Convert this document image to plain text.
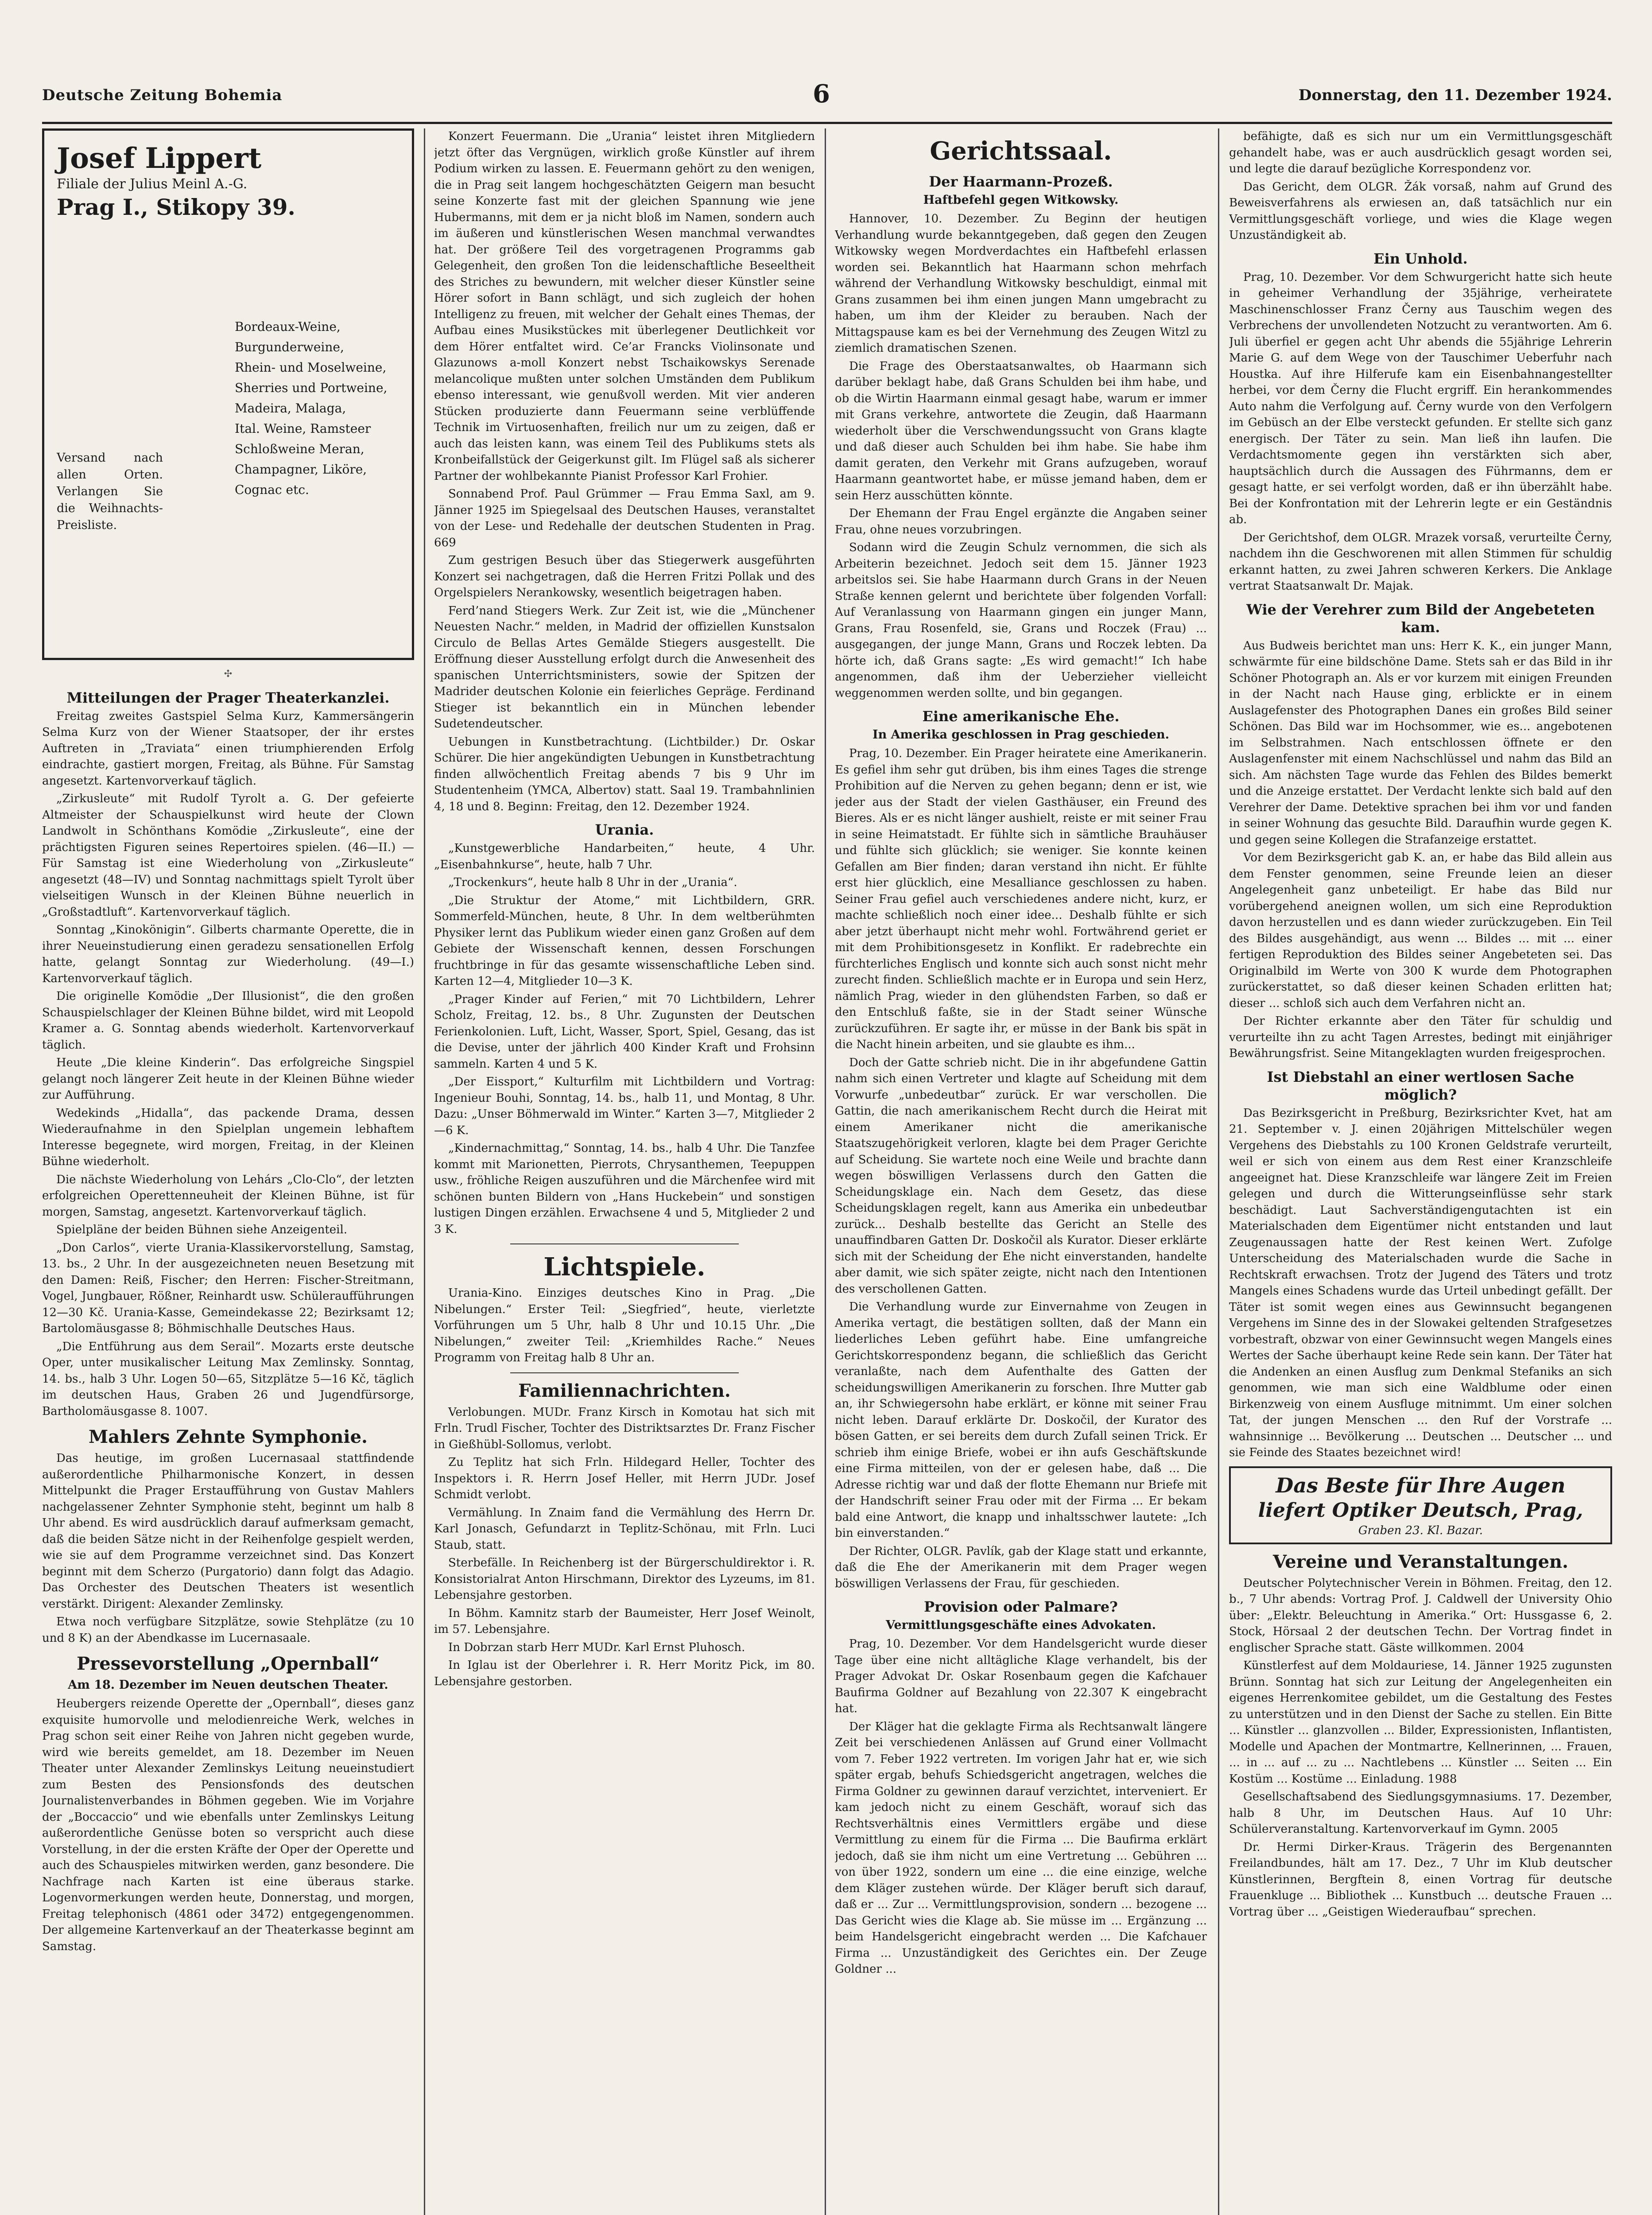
Deutsche Zeitung Bohemia	6	Donnerstag, den 11. Dezember 1924.
Josef Lippert
Filiale der Julius Meinl A.-G.
Prag I., Stikopy 39.
Bordeaux-Weine,
Burgunderweine,
Rhein- und Moselweine,
Sherries und Portweine,
Madeira, Malaga,
Ital. Weine, Ramsteer
Schloßweine Meran,
Champagner, Liköre,
Cognac etc.
Versand nach allen Orten. Verlangen Sie die Weihnachts-Preisliste.
✣
Mitteilungen der Prager Theaterkanzlei.

Freitag zweites Gastspiel Selma Kurz, Kammersängerin Selma Kurz von der Wiener Staatsoper, der ihr erstes Auftreten in „Traviata“ einen triumphierenden Erfolg eindrachte, gastiert morgen, Freitag, als Bühne. Für Samstag angesetzt. Kartenvorverkauf täglich.

„Zirkusleute“ mit Rudolf Tyrolt a. G. Der gefeierte Altmeister der Schauspielkunst wird heute der Clown Landwolt in Schönthans Komödie „Zirkusleute“, eine der prächtigsten Figuren seines Repertoires spielen. (46—II.) — Für Samstag ist eine Wiederholung von „Zirkusleute“ angesetzt (48—IV) und Sonntag nachmittags spielt Tyrolt über vielseitigen Wunsch in der Kleinen Bühne neuerlich in „Großstadtluft“. Kartenvorverkauf täglich.

Sonntag „Kinokönigin“. Gilberts charmante Operette, die in ihrer Neueinstudierung einen geradezu sensationellen Erfolg hatte, gelangt Sonntag zur Wiederholung. (49—I.) Kartenvorverkauf täglich.

Die originelle Komödie „Der Illusionist“, die den großen Schauspielschlager der Kleinen Bühne bildet, wird mit Leopold Kramer a. G. Sonntag abends wiederholt. Kartenvorverkauf täglich.

Heute „Die kleine Kinderin“. Das erfolgreiche Singspiel gelangt noch längerer Zeit heute in der Kleinen Bühne wieder zur Aufführung.

Wedekinds „Hidalla“, das packende Drama, dessen Wiederaufnahme in den Spielplan ungemein lebhaftem Interesse begegnete, wird morgen, Freitag, in der Kleinen Bühne wiederholt.

Die nächste Wiederholung von Lehárs „Clo-Clo“, der letzten erfolgreichen Operettenneuheit der Kleinen Bühne, ist für morgen, Samstag, angesetzt. Kartenvorverkauf täglich.

Spielpläne der beiden Bühnen siehe Anzeigenteil.

„Don Carlos“, vierte Urania-Klassikervorstellung, Samstag, 13. bs., 2 Uhr. In der ausgezeichneten neuen Besetzung mit den Damen: Reiß, Fischer; den Herren: Fischer-Streitmann, Vogel, Jungbauer, Rößner, Reinhardt usw. Schüleraufführungen 12—30 Kč. Urania-Kasse, Gemeindekasse 22; Bezirksamt 12; Bartolomäusgasse 8; Böhmischhalle Deutsches Haus.

„Die Entführung aus dem Serail“. Mozarts erste deutsche Oper, unter musikalischer Leitung Max Zemlinsky. Sonntag, 14. bs., halb 3 Uhr. Logen 50—65, Sitzplätze 5—16 Kč, täglich im deutschen Haus, Graben 26 und Jugendfürsorge, Bartholomäusgasse 8. 1007.

Mahlers Zehnte Symphonie.

Das heutige, im großen Lucernasaal stattfindende außerordentliche Philharmonische Konzert, in dessen Mittelpunkt die Prager Erstaufführung von Gustav Mahlers nachgelassener Zehnter Symphonie steht, beginnt um halb 8 Uhr abend. Es wird ausdrücklich darauf aufmerksam gemacht, daß die beiden Sätze nicht in der Reihenfolge gespielt werden, wie sie auf dem Programme verzeichnet sind. Das Konzert beginnt mit dem Scherzo (Purgatorio) dann folgt das Adagio. Das Orchester des Deutschen Theaters ist wesentlich verstärkt. Dirigent: Alexander Zemlinsky.

Etwa noch verfügbare Sitzplätze, sowie Stehplätze (zu 10 und 8 K) an der Abendkasse im Lucernasaale.

Pressevorstellung „Opernball“
Am 18. Dezember im Neuen deutschen Theater.

Heubergers reizende Operette der „Opernball“, dieses ganz exquisite humorvolle und melodienreiche Werk, welches in Prag schon seit einer Reihe von Jahren nicht gegeben wurde, wird wie bereits gemeldet, am 18. Dezember im Neuen Theater unter Alexander Zemlinskys Leitung neueinstudiert zum Besten des Pensionsfonds des deutschen Journalistenverbandes in Böhmen gegeben. Wie im Vorjahre der „Boccaccio“ und wie ebenfalls unter Zemlinskys Leitung außerordentliche Genüsse boten so verspricht auch diese Vorstellung, in der die ersten Kräfte der Oper der Operette und auch des Schauspieles mitwirken werden, ganz besondere. Die Nachfrage nach Karten ist eine überaus starke. Logenvormerkungen werden heute, Donnerstag, und morgen, Freitag telephonisch (4861 oder 3472) entgegengenommen. Der allgemeine Kartenverkauf an der Theaterkasse beginnt am Samstag.

Konzert Feuermann. Die „Urania“ leistet ihren Mitgliedern jetzt öfter das Vergnügen, wirklich große Künstler auf ihrem Podium wirken zu lassen. E. Feuermann gehört zu den wenigen, die in Prag seit langem hochgeschätzten Geigern man besucht seine Konzerte fast mit der gleichen Spannung wie jene Hubermanns, mit dem er ja nicht bloß im Namen, sondern auch im äußeren und künstlerischen Wesen manchmal verwandtes hat. Der größere Teil des vorgetragenen Programms gab Gelegenheit, den großen Ton die leidenschaftliche Beseeltheit des Striches zu bewundern, mit welcher dieser Künstler seine Hörer sofort in Bann schlägt, und sich zugleich der hohen Intelligenz zu freuen, mit welcher der Gehalt eines Themas, der Aufbau eines Musikstückes mit überlegener Deutlichkeit vor dem Hörer entfaltet wird. Ce’ar Francks Violinsonate und Glazunows a-moll Konzert nebst Tschaikowskys Serenade melancolique mußten unter solchen Umständen dem Publikum ebenso interessant, wie genußvoll werden. Mit vier anderen Stücken produzierte dann Feuermann seine verblüffende Technik im Virtuosenhaften, freilich nur um zu zeigen, daß er auch das leisten kann, was einem Teil des Publikums stets als Kronbeifallstück der Geigerkunst gilt. Im Flügel saß als sicherer Partner der wohlbekannte Pianist Professor Karl Frohier.

Sonnabend Prof. Paul Grümmer — Frau Emma Saxl, am 9. Jänner 1925 im Spiegelsaal des Deutschen Hauses, veranstaltet von der Lese- und Redehalle der deutschen Studenten in Prag. 669

Zum gestrigen Besuch über das Stiegerwerk ausgeführten Konzert sei nachgetragen, daß die Herren Fritzi Pollak und des Orgelspielers Nerankowsky, wesentlich beigetragen haben.

Ferd’nand Stiegers Werk. Zur Zeit ist, wie die „Münchener Neuesten Nachr.“ melden, in Madrid der offiziellen Kunstsalon Circulo de Bellas Artes Gemälde Stiegers ausgestellt. Die Eröffnung dieser Ausstellung erfolgt durch die Anwesenheit des spanischen Unterrichtsministers, sowie der Spitzen der Madrider deutschen Kolonie ein feierliches Gepräge. Ferdinand Stieger ist bekanntlich ein in München lebender Sudetendeutscher.

Uebungen in Kunstbetrachtung. (Lichtbilder.) Dr. Oskar Schürer. Die hier angekündigten Uebungen in Kunstbetrachtung finden allwöchentlich Freitag abends 7 bis 9 Uhr im Studentenheim (YMCA, Albertov) statt. Saal 19. Trambahnlinien 4, 18 und 8. Beginn: Freitag, den 12. Dezember 1924.

Urania.

„Kunstgewerbliche Handarbeiten,“ heute, 4 Uhr. „Eisenbahnkurse“, heute, halb 7 Uhr.

„Trockenkurs“, heute halb 8 Uhr in der „Urania“.

„Die Struktur der Atome,“ mit Lichtbildern, GRR. Sommerfeld-München, heute, 8 Uhr. In dem weltberühmten Physiker lernt das Publikum wieder einen ganz Großen auf dem Gebiete der Wissenschaft kennen, dessen Forschungen fruchtbringe in für das gesamte wissenschaftliche Leben sind. Karten 12—4, Mitglieder 10—3 K.

„Prager Kinder auf Ferien,“ mit 70 Lichtbildern, Lehrer Scholz, Freitag, 12. bs., 8 Uhr. Zugunsten der Deutschen Ferienkolonien. Luft, Licht, Wasser, Sport, Spiel, Gesang, das ist die Devise, unter der jährlich 400 Kinder Kraft und Frohsinn sammeln. Karten 4 und 5 K.

„Der Eissport,“ Kulturfilm mit Lichtbildern und Vortrag: Ingenieur Bouhi, Sonntag, 14. bs., halb 11, und Montag, 8 Uhr. Dazu: „Unser Böhmerwald im Winter.“ Karten 3—7, Mitglieder 2—6 K.

„Kindernachmittag,“ Sonntag, 14. bs., halb 4 Uhr. Die Tanzfee kommt mit Marionetten, Pierrots, Chrysanthemen, Teepuppen usw., fröhliche Reigen auszuführen und die Märchenfee wird mit schönen bunten Bildern von „Hans Huckebein“ und sonstigen lustigen Dingen erzählen. Erwachsene 4 und 5, Mitglieder 2 und 3 K.

Lichtspiele.

Urania-Kino. Einziges deutsches Kino in Prag. „Die Nibelungen.“ Erster Teil: „Siegfried“, heute, vierletzte Vorführungen um 5 Uhr, halb 8 Uhr und 10.15 Uhr. „Die Nibelungen,“ zweiter Teil: „Kriemhildes Rache.“ Neues Programm von Freitag halb 8 Uhr an.

Familiennachrichten.

Verlobungen. MUDr. Franz Kirsch in Komotau hat sich mit Frln. Trudl Fischer, Tochter des Distriktsarztes Dr. Franz Fischer in Gießhübl-Sollomus, verlobt.

Zu Teplitz hat sich Frln. Hildegard Heller, Tochter des Inspektors i. R. Herrn Josef Heller, mit Herrn JUDr. Josef Schmidt verlobt.

Vermählung. In Znaim fand die Vermählung des Herrn Dr. Karl Jonasch, Gefundarzt in Teplitz-Schönau, mit Frln. Luci Staub, statt.

Sterbefälle. In Reichenberg ist der Bürgerschuldirektor i. R. Konsistorialrat Anton Hirschmann, Direktor des Lyzeums, im 81. Lebensjahre gestorben.

In Böhm. Kamnitz starb der Baumeister, Herr Josef Weinolt, im 57. Lebensjahre.

In Dobrzan starb Herr MUDr. Karl Ernst Pluhosch.

In Iglau ist der Oberlehrer i. R. Herr Moritz Pick, im 80. Lebensjahre gestorben.

Gerichtssaal.
Der Haarmann-Prozeß.
Haftbefehl gegen Witkowsky.

Hannover, 10. Dezember. Zu Beginn der heutigen Verhandlung wurde bekanntgegeben, daß gegen den Zeugen Witkowsky wegen Mordverdachtes ein Haftbefehl erlassen worden sei. Bekanntlich hat Haarmann schon mehrfach während der Verhandlung Witkowsky beschuldigt, einmal mit Grans zusammen bei ihm einen jungen Mann umgebracht zu haben, um ihm der Kleider zu berauben. Nach der Mittagspause kam es bei der Vernehmung des Zeugen Witzl zu ziemlich dramatischen Szenen.

Die Frage des Oberstaatsanwaltes, ob Haarmann sich darüber beklagt habe, daß Grans Schulden bei ihm habe, und ob die Wirtin Haarmann einmal gesagt habe, warum er immer mit Grans verkehre, antwortete die Zeugin, daß Haarmann wiederholt über die Verschwendungssucht von Grans klagte und daß dieser auch Schulden bei ihm habe. Sie habe ihm damit geraten, den Verkehr mit Grans aufzugeben, worauf Haarmann geantwortet habe, er müsse jemand haben, dem er sein Herz ausschütten könnte.

Der Ehemann der Frau Engel ergänzte die Angaben seiner Frau, ohne neues vorzubringen.

Sodann wird die Zeugin Schulz vernommen, die sich als Arbeiterin bezeichnet. Jedoch seit dem 15. Jänner 1923 arbeitslos sei. Sie habe Haarmann durch Grans in der Neuen Straße kennen gelernt und berichtete über folgenden Vorfall: Auf Veranlassung von Haarmann gingen ein junger Mann, Grans, Frau Rosenfeld, sie, Grans und Roczek (Frau) ... ausgegangen, der junge Mann, Grans und Roczek lebten. Da hörte ich, daß Grans sagte: „Es wird gemacht!“ Ich habe angenommen, daß ihm der Ueberzieher vielleicht weggenommen werden sollte, und bin gegangen.

Eine amerikanische Ehe.
In Amerika geschlossen in Prag geschieden.

Prag, 10. Dezember. Ein Prager heiratete eine Amerikanerin. Es gefiel ihm sehr gut drüben, bis ihm eines Tages die strenge Prohibition auf die Nerven zu gehen begann; denn er ist, wie jeder aus der Stadt der vielen Gasthäuser, ein Freund des Bieres. Als er es nicht länger aushielt, reiste er mit seiner Frau in seine Heimatstadt. Er fühlte sich in sämtliche Brauhäuser und fühlte sich glücklich; sie weniger. Sie konnte keinen Gefallen am Bier finden; daran verstand ihn nicht. Er fühlte erst hier glücklich, eine Mesalliance geschlossen zu haben. Seiner Frau gefiel auch verschiedenes andere nicht, kurz, er machte schließlich noch einer idee... Deshalb fühlte er sich aber jetzt überhaupt nicht mehr wohl. Fortwährend geriet er mit dem Prohibitionsgesetz in Konflikt. Er radebrechte ein fürchterliches Englisch und konnte sich auch sonst nicht mehr zurecht finden. Schließlich machte er in Europa und sein Herz, nämlich Prag, wieder in den glühendsten Farben, so daß er den Entschluß faßte, sie in der Stadt seiner Wünsche zurückzuführen. Er sagte ihr, er müsse in der Bank bis spät in die Nacht hinein arbeiten, und sie glaubte es ihm...

Doch der Gatte schrieb nicht. Die in ihr abgefundene Gattin nahm sich einen Vertreter und klagte auf Scheidung mit dem Vorwurfe „unbedeutbar“ zurück. Er war verschollen. Die Gattin, die nach amerikanischem Recht durch die Heirat mit einem Amerikaner nicht die amerikanische Staatszugehörigkeit verloren, klagte bei dem Prager Gerichte auf Scheidung. Sie wartete noch eine Weile und brachte dann wegen böswilligen Verlassens durch den Gatten die Scheidungsklage ein. Nach dem Gesetz, das diese Scheidungsklagen regelt, kann aus Amerika ein unbedeutbar zurück... Deshalb bestellte das Gericht an Stelle des unauffindbaren Gatten Dr. Doskočil als Kurator. Dieser erklärte sich mit der Scheidung der Ehe nicht einverstanden, handelte aber damit, wie sich später zeigte, nicht nach den Intentionen des verschollenen Gatten.

Die Verhandlung wurde zur Einvernahme von Zeugen in Amerika vertagt, die bestätigen sollten, daß der Mann ein liederliches Leben geführt habe. Eine umfangreiche Gerichtskorrespondenz begann, die schließlich das Gericht veranlaßte, nach dem Aufenthalte des Gatten der scheidungswilligen Amerikanerin zu forschen. Ihre Mutter gab an, ihr Schwiegersohn habe erklärt, er könne mit seiner Frau nicht leben. Darauf erklärte Dr. Doskočil, der Kurator des bösen Gatten, er sei bereits dem durch Zufall seinen Trick. Er schrieb ihm einige Briefe, wobei er ihn aufs Geschäftskunde eine Firma mitteilen, von der er gelesen habe, daß ... Die Adresse richtig war und daß der flotte Ehemann nur Briefe mit der Handschrift seiner Frau oder mit der Firma ... Er bekam bald eine Antwort, die knapp und inhaltsschwer lautete: „Ich bin einverstanden.“

Der Richter, OLGR. Pavlík, gab der Klage statt und erkannte, daß die Ehe der Amerikanerin mit dem Prager wegen böswilligen Verlassens der Frau, für geschieden.

Provision oder Palmare?
Vermittlungsgeschäfte eines Advokaten.

Prag, 10. Dezember. Vor dem Handelsgericht wurde dieser Tage über eine nicht alltägliche Klage verhandelt, bis der Prager Advokat Dr. Oskar Rosenbaum gegen die Kafchauer Baufirma Goldner auf Bezahlung von 22.307 K eingebracht hat.

Der Kläger hat die geklagte Firma als Rechtsanwalt längere Zeit bei verschiedenen Anlässen auf Grund einer Vollmacht vom 7. Feber 1922 vertreten. Im vorigen Jahr hat er, wie sich später ergab, behufs Schiedsgericht angetragen, welches die Firma Goldner zu gewinnen darauf verzichtet, interveniert. Er kam jedoch nicht zu einem Geschäft, worauf sich das Rechtsverhältnis eines Vermittlers ergäbe und diese Vermittlung zu einem für die Firma ... Die Baufirma erklärt jedoch, daß sie ihm nicht um eine Vertretung ... Gebühren ... von über 1922, sondern um eine ... die eine einzige, welche dem Kläger zustehen würde. Der Kläger beruft sich darauf, daß er ... Zur ... Vermittlungsprovision, sondern ... bezogene ... Das Gericht wies die Klage ab. Sie müsse im ... Ergänzung ... beim Handelsgericht eingebracht werden ... Die Kafchauer Firma ... Unzuständigkeit des Gerichtes ein. Der Zeuge Goldner ...

befähigte, daß es sich nur um ein Vermittlungsgeschäft gehandelt habe, was er auch ausdrücklich gesagt worden sei, und legte die darauf bezügliche Korrespondenz vor.

Das Gericht, dem OLGR. Žák vorsaß, nahm auf Grund des Beweisverfahrens als erwiesen an, daß tatsächlich nur ein Vermittlungsgeschäft vorliege, und wies die Klage wegen Unzuständigkeit ab.

Ein Unhold.

Prag, 10. Dezember. Vor dem Schwurgericht hatte sich heute in geheimer Verhandlung der 35jährige, verheiratete Maschinenschlosser Franz Černy aus Tauschim wegen des Verbrechens der unvollendeten Notzucht zu verantworten. Am 6. Juli überfiel er gegen acht Uhr abends die 55jährige Lehrerin Marie G. auf dem Wege von der Tauschimer Ueberfuhr nach Houstka. Auf ihre Hilferufe kam ein Eisenbahnangestellter herbei, vor dem Černy die Flucht ergriff. Ein herankommendes Auto nahm die Verfolgung auf. Černy wurde von den Verfolgern im Gebüsch an der Elbe versteckt gefunden. Er stellte sich ganz energisch. Der Täter zu sein. Man ließ ihn laufen. Die Verdachtsmomente gegen ihn verstärkten sich aber, hauptsächlich durch die Aussagen des Führmanns, dem er gesagt hatte, er sei verfolgt worden, daß er ihn überzählt habe. Bei der Konfrontation mit der Lehrerin legte er ein Geständnis ab.

Der Gerichtshof, dem OLGR. Mrazek vorsaß, verurteilte Černy, nachdem ihn die Geschworenen mit allen Stimmen für schuldig erkannt hatten, zu zwei Jahren schweren Kerkers. Die Anklage vertrat Staatsanwalt Dr. Majak.

Wie der Verehrer zum Bild der Angebeteten kam.

Aus Budweis berichtet man uns: Herr K. K., ein junger Mann, schwärmte für eine bildschöne Dame. Stets sah er das Bild in ihr Schöner Photograph an. Als er vor kurzem mit einigen Freunden in der Nacht nach Hause ging, erblickte er in einem Auslagefenster des Photographen Danes ein großes Bild seiner Schönen. Das Bild war im Hochsommer, wie es... angebotenen im Selbstrahmen. Nach entschlossen öffnete er den Auslagenfenster mit einem Nachschlüssel und nahm das Bild an sich. Am nächsten Tage wurde das Fehlen des Bildes bemerkt und die Anzeige erstattet. Der Verdacht lenkte sich bald auf den Verehrer der Dame. Detektive sprachen bei ihm vor und fanden in seiner Wohnung das gesuchte Bild. Daraufhin wurde gegen K. und gegen seine Kollegen die Strafanzeige erstattet.

Vor dem Bezirksgericht gab K. an, er habe das Bild allein aus dem Fenster genommen, seine Freunde leien an dieser Angelegenheit ganz unbeteiligt. Er habe das Bild nur vorübergehend aneignen wollen, um sich eine Reproduktion davon herzustellen und es dann wieder zurückzugeben. Ein Teil des Bildes ausgehändigt, aus wenn ... Bildes ... mit ... einer fertigen Reproduktion des Bildes seiner Angebeteten sei. Das Originalbild im Werte von 300 K wurde dem Photographen zurückerstattet, so daß dieser keinen Schaden erlitten hat; dieser ... schloß sich auch dem Verfahren nicht an.

Der Richter erkannte aber den Täter für schuldig und verurteilte ihn zu acht Tagen Arrestes, bedingt mit einjähriger Bewährungsfrist. Seine Mitangeklagten wurden freigesprochen.

Ist Diebstahl an einer wertlosen Sache möglich?

Das Bezirksgericht in Preßburg, Bezirksrichter Kvet, hat am 21. September v. J. einen 20jährigen Mittelschüler wegen Vergehens des Diebstahls zu 100 Kronen Geldstrafe verurteilt, weil er sich von einem aus dem Rest einer Kranzschleife angeeignet hat. Diese Kranzschleife war längere Zeit im Freien gelegen und durch die Witterungseinflüsse sehr stark beschädigt. Laut Sachverständigengutachten ist ein Materialschaden dem Eigentümer nicht entstanden und laut Zeugenaussagen hatte der Rest keinen Wert. Zufolge Unterscheidung des Materialschaden wurde die Sache in Rechtskraft erwachsen. Trotz der Jugend des Täters und trotz Mangels eines Schadens wurde das Urteil unbedingt gefällt. Der Täter ist somit wegen eines aus Gewinnsucht begangenen Vergehens im Sinne des in der Slowakei geltenden Strafgesetzes vorbestraft, obzwar von einer Gewinnsucht wegen Mangels eines Wertes der Sache überhaupt keine Rede sein kann. Der Täter hat die Andenken an einen Ausflug zum Denkmal Stefaniks an sich genommen, wie man sich eine Waldblume oder einen Birkenzweig von einem Ausfluge mitnimmt. Um einer solchen Tat, der jungen Menschen ... den Ruf der Vorstrafe ... wahnsinnige ... Bevölkerung ... Deutschen ... Deutscher ... und sie Feinde des Staates bezeichnet wird!

Das Beste für Ihre Augen
liefert Optiker Deutsch, Prag,
Graben 23. Kl. Bazar.
Vereine und Veranstaltungen.

Deutscher Polytechnischer Verein in Böhmen. Freitag, den 12. b., 7 Uhr abends: Vortrag Prof. J. Caldwell der University Ohio über: „Elektr. Beleuchtung in Amerika.“ Ort: Hussgasse 6, 2. Stock, Hörsaal 2 der deutschen Techn. Der Vortrag findet in englischer Sprache statt. Gäste willkommen. 2004

Künstlerfest auf dem Moldauriese, 14. Jänner 1925 zugunsten Brünn. Sonntag hat sich zur Leitung der Angelegenheiten ein eigenes Herrenkomitee gebildet, um die Gestaltung des Festes zu unterstützen und in den Dienst der Sache zu stellen. Ein Bitte ... Künstler ... glanzvollen ... Bilder, Expressionisten, Inflantisten, Modelle und Apachen der Montmartre, Kellnerinnen, ... Frauen, ... in ... auf ... zu ... Nachtlebens ... Künstler ... Seiten ... Ein Kostüm ... Kostüme ... Einladung. 1988

Gesellschaftsabend des Siedlungsgymnasiums. 17. Dezember, halb 8 Uhr, im Deutschen Haus. Auf 10 Uhr: Schülerveranstaltung. Kartenvorverkauf im Gymn. 2005

Dr. Hermi Dirker-Kraus. Trägerin des Bergenannten Freilandbundes, hält am 17. Dez., 7 Uhr im Klub deutscher Künstlerinnen, Bergftein 8, einen Vortrag für deutsche Frauenkluge ... Bibliothek ... Kunstbuch ... deutsche Frauen ... Vortrag über ... „Geistigen Wiederaufbau“ sprechen.
